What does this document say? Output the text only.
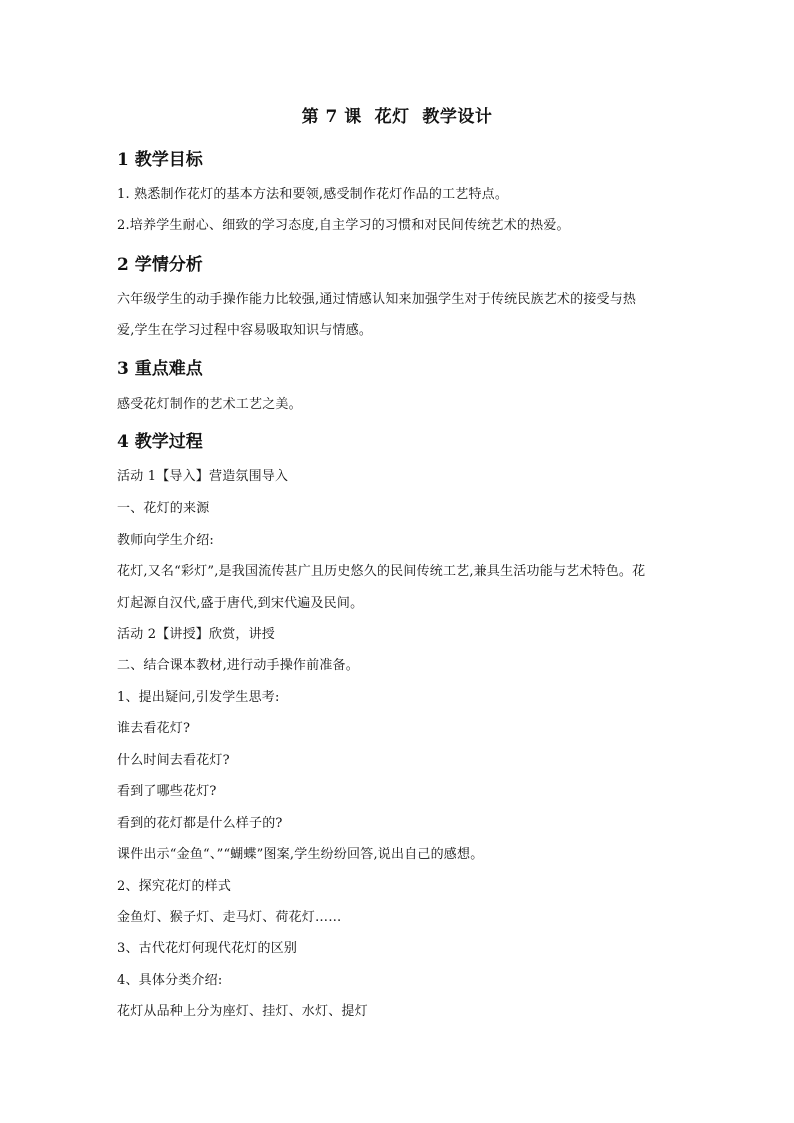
第 7 课  花灯  教学设计
1 教学目标
1. 熟悉制作花灯的基本方法和要领,感受制作花灯作品的工艺特点。
2.培养学生耐心、细致的学习态度,自主学习的习惯和对民间传统艺术的热爱。
2 学情分析
六年级学生的动手操作能力比较强,通过情感认知来加强学生对于传统民族艺术的接受与热
爱,学生在学习过程中容易吸取知识与情感。
3 重点难点
感受花灯制作的艺术工艺之美。
4 教学过程
活动 1【导入】营造氛围导入
一、花灯的来源
教师向学生介绍:
花灯,又名“彩灯”,是我国流传甚广且历史悠久的民间传统工艺,兼具生活功能与艺术特色。花
灯起源自汉代,盛于唐代,到宋代遍及民间。
活动 2【讲授】欣赏，讲授
二、结合课本教材,进行动手操作前准备。
1、提出疑问,引发学生思考:
谁去看花灯?
什么时间去看花灯?
看到了哪些花灯?
看到的花灯都是什么样子的?
课件出示“金鱼“、”“蝴蝶”图案,学生纷纷回答,说出自己的感想。
2、探究花灯的样式
金鱼灯、猴子灯、走马灯、荷花灯……
3、古代花灯何现代花灯的区别
4、具体分类介绍:
花灯从品种上分为座灯、挂灯、水灯、提灯
